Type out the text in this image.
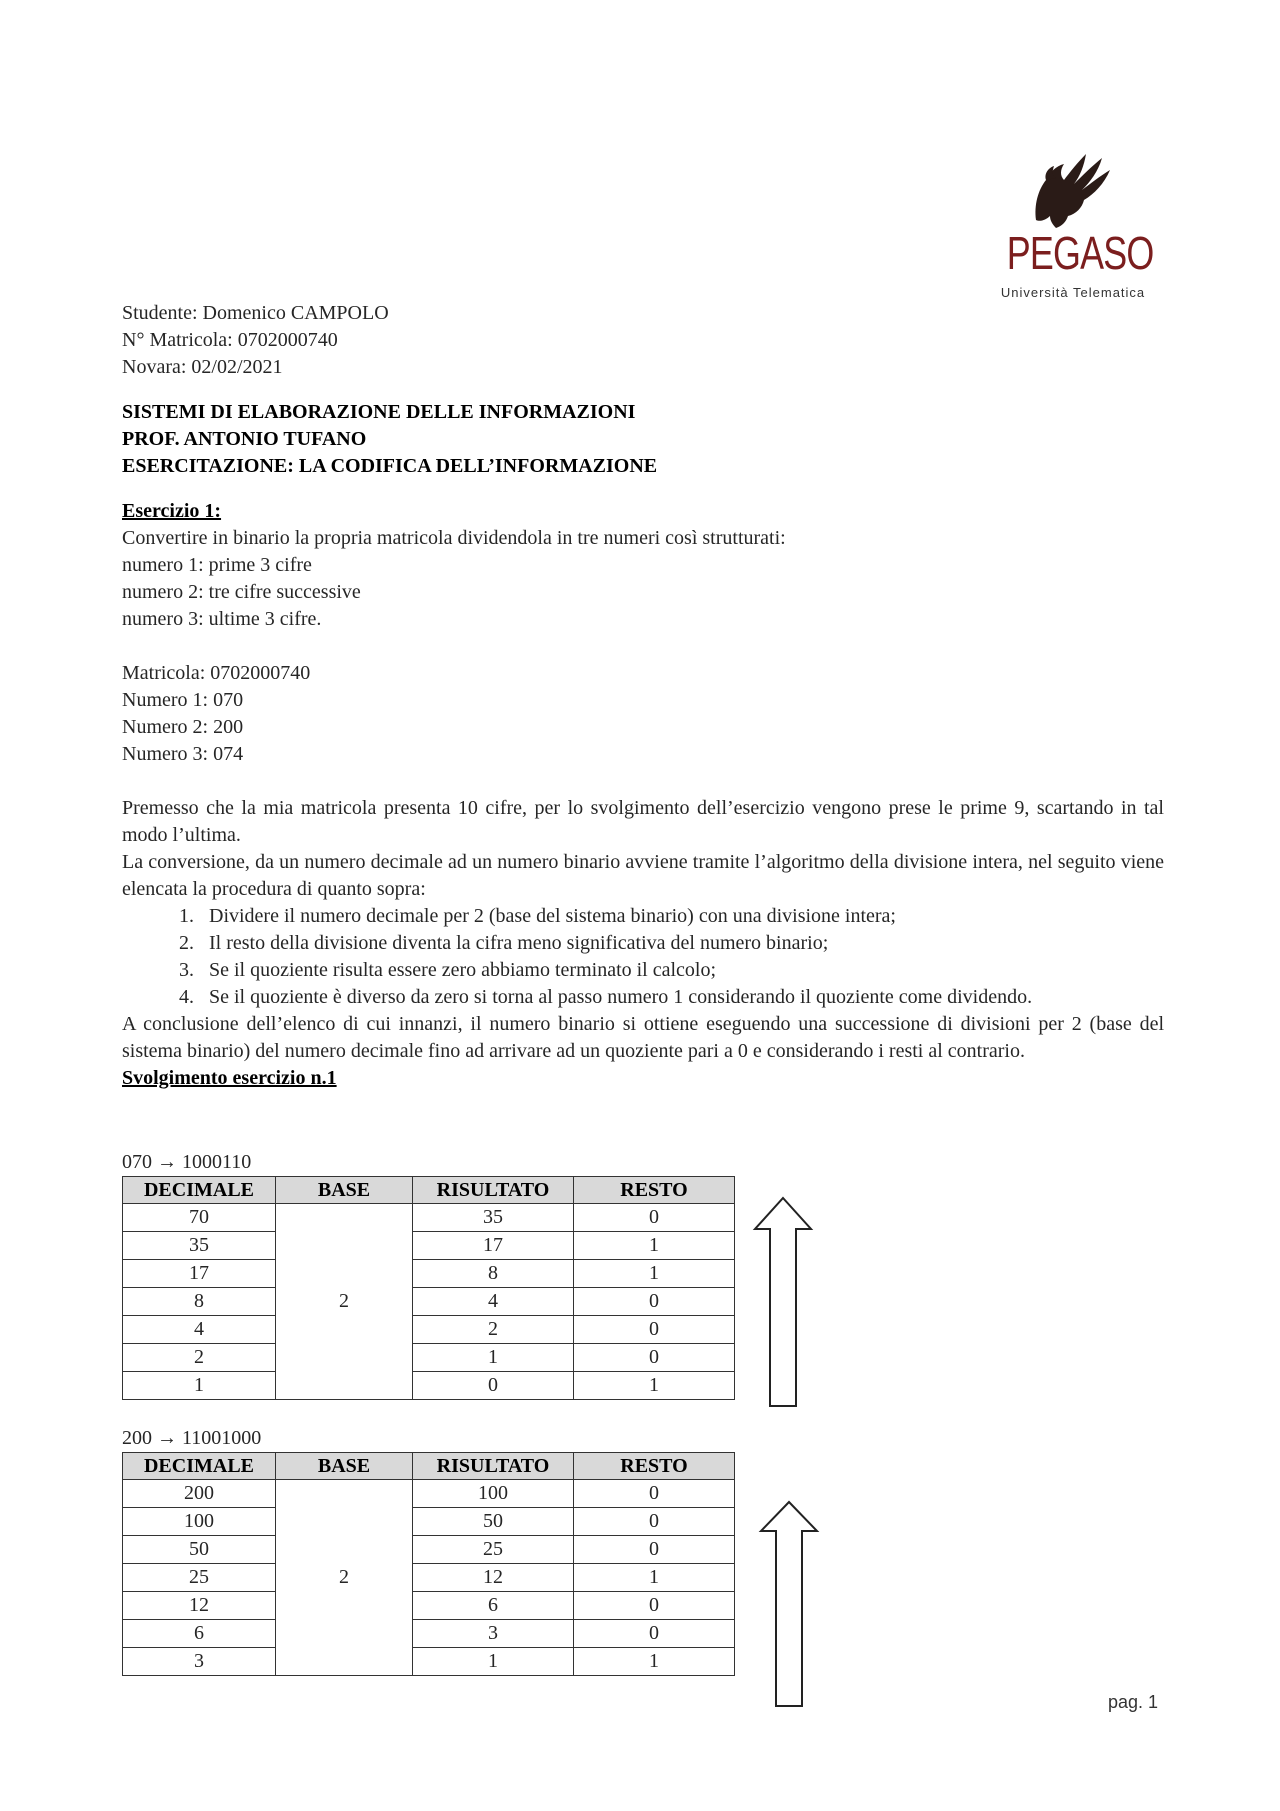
PEGASO
Università Telematica
Studente: Domenico CAMPOLO
N° Matricola: 0702000740
Novara: 02/02/2021
SISTEMI DI ELABORAZIONE DELLE INFORMAZIONI
PROF. ANTONIO TUFANO
ESERCITAZIONE: LA CODIFICA DELL’INFORMAZIONE
Esercizio 1:
Convertire in binario la propria matricola dividendola in tre numeri così strutturati:
numero 1: prime 3 cifre
numero 2: tre cifre successive
numero 3: ultime 3 cifre.
Matricola: 0702000740
Numero 1: 070
Numero 2: 200
Numero 3: 074
Premesso che la mia matricola presenta 10 cifre, per lo svolgimento dell’esercizio vengono prese le prime 9, scartando in tal modo l’ultima.
La conversione, da un numero decimale ad un numero binario avviene tramite l’algoritmo della divisione intera, nel seguito viene elencata la procedura di quanto sopra:
1. Dividere il numero decimale per 2 (base del sistema binario) con una divisione intera;
2. Il resto della divisione diventa la cifra meno significativa del numero binario;
3. Se il quoziente risulta essere zero abbiamo terminato il calcolo;
4. Se il quoziente è diverso da zero si torna al passo numero 1 considerando il quoziente come dividendo.
A conclusione dell’elenco di cui innanzi, il numero binario si ottiene eseguendo una successione di divisioni per 2 (base del sistema binario) del numero decimale fino ad arrivare ad un quoziente pari a 0 e considerando i resti al contrario.
Svolgimento esercizio n.1
070 → 1000110
DECIMALE	BASE	RISULTATO	RESTO
70	2	35	0
35		17	1
17		8	1
8		4	0
4		2	0
2		1	0
1		0	1
200 → 11001000
DECIMALE	BASE	RISULTATO	RESTO
200	2	100	0
100		50	0
50		25	0
25		12	1
12		6	0
6		3	0
3		1	1
pag. 1
